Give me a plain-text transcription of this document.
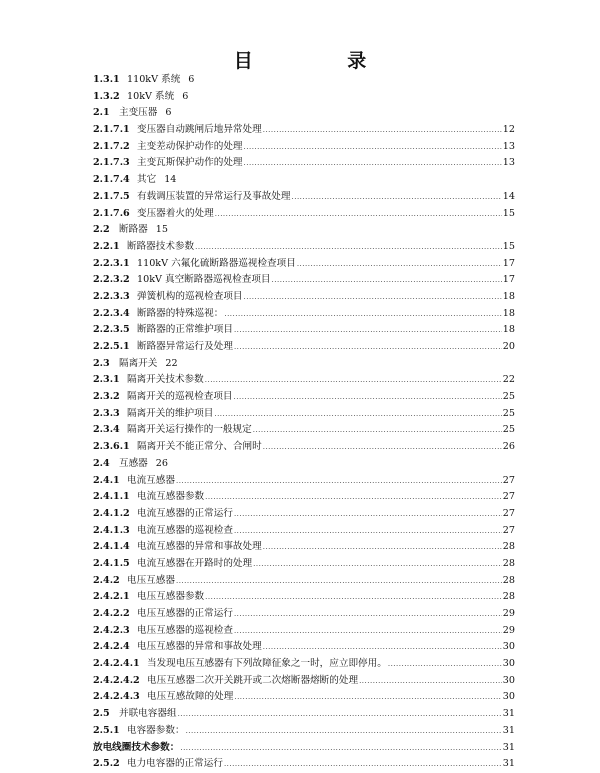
目 录
1.3.1 110kV 系统 6
1.3.2 10kV 系统 6
2.1 主变压器 6
2.1.7.1 变压器自动跳闸后地异常处理 .....	12
2.1.7.2 主变差动保护动作的处理 .....	13
2.1.7.3 主变瓦斯保护动作的处理 .....	13
2.1.7.4 其它 14
2.1.7.5 有载调压装置的异常运行及事故处理 .....	14
2.1.7.6 变压器着火的处理 .....	15
2.2 断路器 15
2.2.1 断路器技术参数 .....	15
2.2.3.1 110kV 六氟化硫断路器巡视检查项目 .....	17
2.2.3.2 10kV 真空断路器巡视检查项目 .....	17
2.2.3.3 弹簧机构的巡视检查项目 .....	18
2.2.3.4 断路器的特殊巡视： .....	18
2.2.3.5 断路器的正常维护项目 .....	18
2.2.5.1 断路器异常运行及处理 .....	20
2.3 隔离开关 22
2.3.1 隔离开关技术参数 .....	22
2.3.2 隔离开关的巡视检查项目 .....	25
2.3.3 隔离开关的维护项目 .....	25
2.3.4 隔离开关运行操作的一般规定 .....	25
2.3.6.1 隔离开关不能正常分、合闸时 .....	26
2.4 互感器 26
2.4.1 电流互感器 .....	27
2.4.1.1 电流互感器参数 .....	27
2.4.1.2 电流互感器的正常运行 .....	27
2.4.1.3 电流互感器的巡视检查 .....	27
2.4.1.4 电流互感器的异常和事故处理 .....	28
2.4.1.5 电流互感器在开路时的处理 .....	28
2.4.2 电压互感器 .....	28
2.4.2.1 电压互感器参数 .....	28
2.4.2.2 电压互感器的正常运行 .....	29
2.4.2.3 电压互感器的巡视检查 .....	29
2.4.2.4 电压互感器的异常和事故处理 .....	30
2.4.2.4.1 当发现电压互感器有下列故障征象之一时，应立即停用。 .....	30
2.4.2.4.2 电压互感器二次开关跳开或二次熔断器熔断的处理 .....	30
2.4.2.4.3 电压互感故障的处理 .....	30
2.5 并联电容器组 .....	31
2.5.1 电容器参数： .....	31
放电线圈技术参数： .....	31
2.5.2 电力电容器的正常运行 .....	31
